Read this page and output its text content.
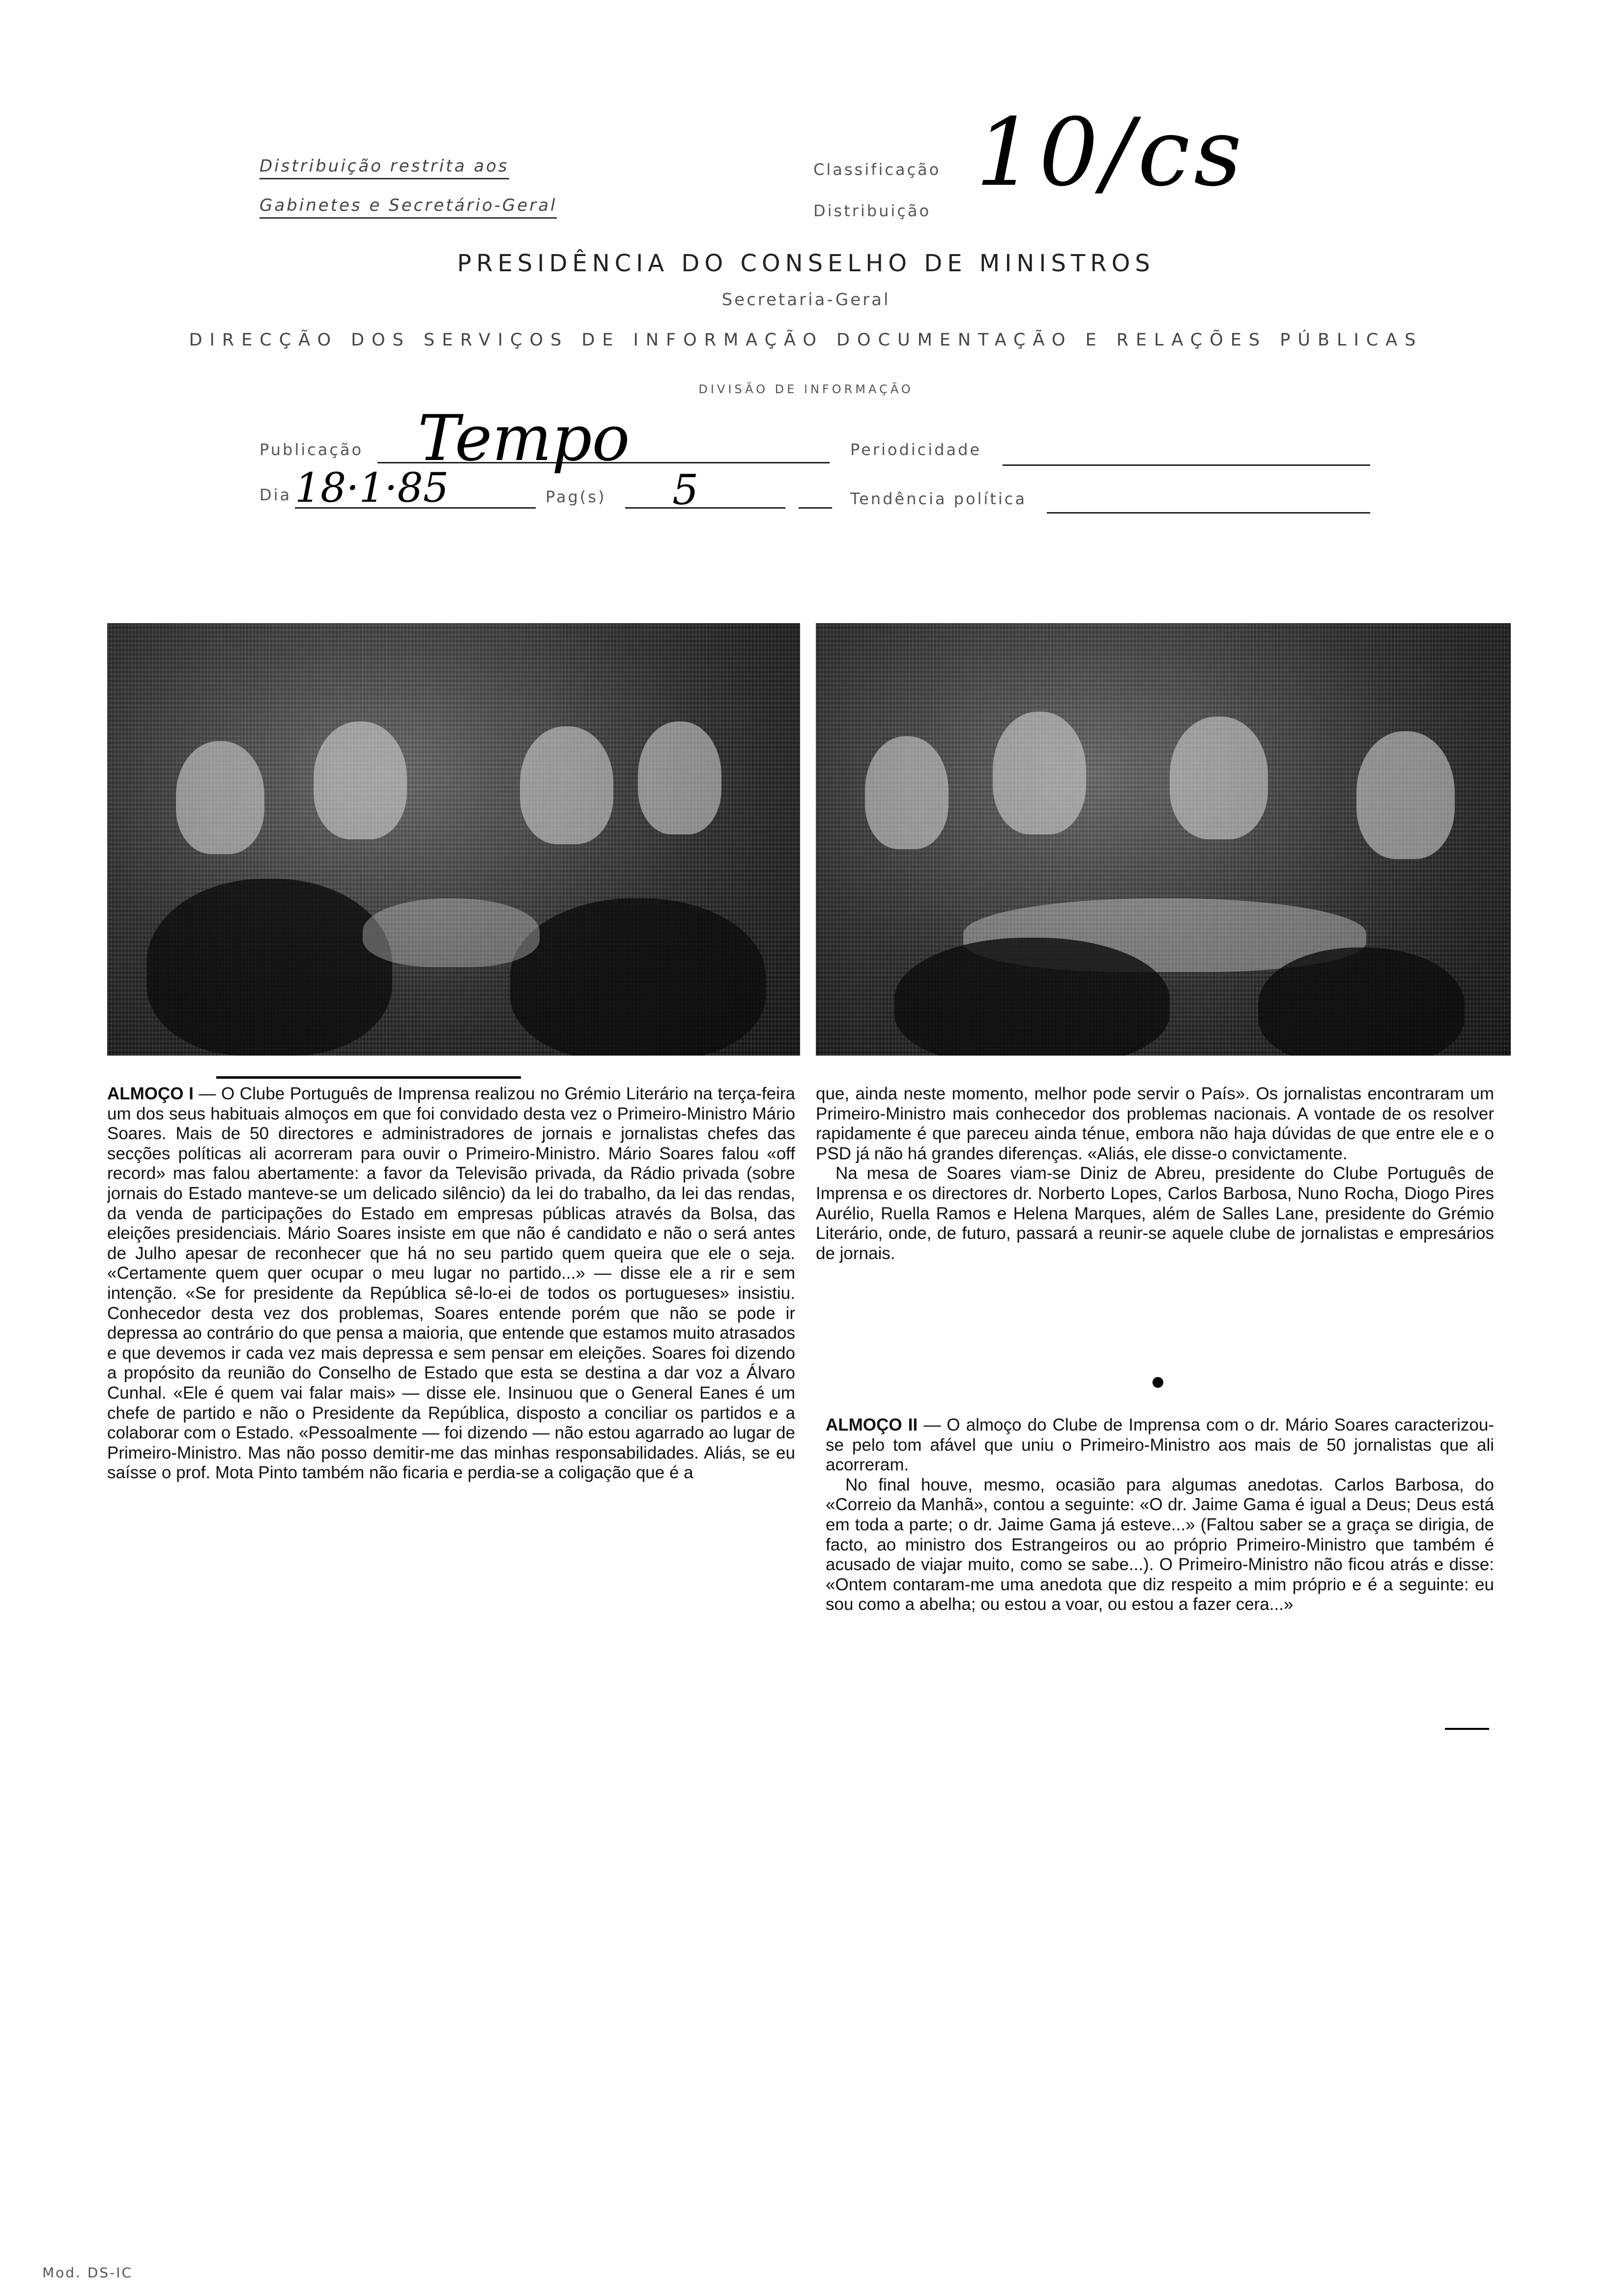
Distribuição restrita aos
Gabinetes e Secretário-Geral
Classificação
Distribuição
10/cs
PRESIDÊNCIA DO CONSELHO DE MINISTROS
Secretaria-Geral
DIRECÇÃO DOS SERVIÇOS DE INFORMAÇÃO DOCUMENTAÇÃO E RELAÇÕES PÚBLICAS
DIVISÃO DE INFORMAÇÃO
Publicação Tempo	Periodicidade
Dia 18·1·85	Pag(s) 5	Tendência política

ALMOÇO I — O Clube Português de Imprensa realizou no Grémio Literário na terça-feira um dos seus habituais almoços em que foi convidado desta vez o Primeiro-Ministro Mário Soares. Mais de 50 directores e administradores de jornais e jornalistas chefes das secções políticas ali acorreram para ouvir o Primeiro-Ministro. Mário Soares falou «off record» mas falou abertamente: a favor da Televisão privada, da Rádio privada (sobre jornais do Estado manteve-se um delicado silêncio) da lei do trabalho, da lei das rendas, da venda de participações do Estado em empresas públicas através da Bolsa, das eleições presidenciais. Mário Soares insiste em que não é candidato e não o será antes de Julho apesar de reconhecer que há no seu partido quem queira que ele o seja. «Certamente quem quer ocupar o meu lugar no partido...» — disse ele a rir e sem intenção. «Se for presidente da República sê-lo-ei de todos os portugueses» insistiu. Conhecedor desta vez dos problemas, Soares entende porém que não se pode ir depressa ao contrário do que pensa a maioria, que entende que estamos muito atrasados e que devemos ir cada vez mais depressa e sem pensar em eleições. Soares foi dizendo a propósito da reunião do Conselho de Estado que esta se destina a dar voz a Álvaro Cunhal. «Ele é quem vai falar mais» — disse ele. Insinuou que o General Eanes é um chefe de partido e não o Presidente da República, disposto a conciliar os partidos e a colaborar com o Estado. «Pessoalmente — foi dizendo — não estou agarrado ao lugar de Primeiro-Ministro. Mas não posso demitir-me das minhas responsabilidades. Aliás, se eu saísse o prof. Mota Pinto também não ficaria e perdia-se a coligação que é a

que, ainda neste momento, melhor pode servir o País». Os jornalistas encontraram um Primeiro-Ministro mais conhecedor dos problemas nacionais. A vontade de os resolver rapidamente é que pareceu ainda ténue, embora não haja dúvidas de que entre ele e o PSD já não há grandes diferenças. «Aliás, ele disse-o convictamente.

Na mesa de Soares viam-se Diniz de Abreu, presidente do Clube Português de Imprensa e os directores dr. Norberto Lopes, Carlos Barbosa, Nuno Rocha, Diogo Pires Aurélio, Ruella Ramos e Helena Marques, além de Salles Lane, presidente do Grémio Literário, onde, de futuro, passará a reunir-se aquele clube de jornalistas e empresários de jornais.

ALMOÇO II — O almoço do Clube de Imprensa com o dr. Mário Soares caracterizou-se pelo tom afável que uniu o Primeiro-Ministro aos mais de 50 jornalistas que ali acorreram.

No final houve, mesmo, ocasião para algumas anedotas. Carlos Barbosa, do «Correio da Manhã», contou a seguinte: «O dr. Jaime Gama é igual a Deus; Deus está em toda a parte; o dr. Jaime Gama já esteve...» (Faltou saber se a graça se dirigia, de facto, ao ministro dos Estrangeiros ou ao próprio Primeiro-Ministro que também é acusado de viajar muito, como se sabe...). O Primeiro-Ministro não ficou atrás e disse: «Ontem contaram-me uma anedota que diz respeito a mim próprio e é a seguinte: eu sou como a abelha; ou estou a voar, ou estou a fazer cera...»

Mod. DS-IC
